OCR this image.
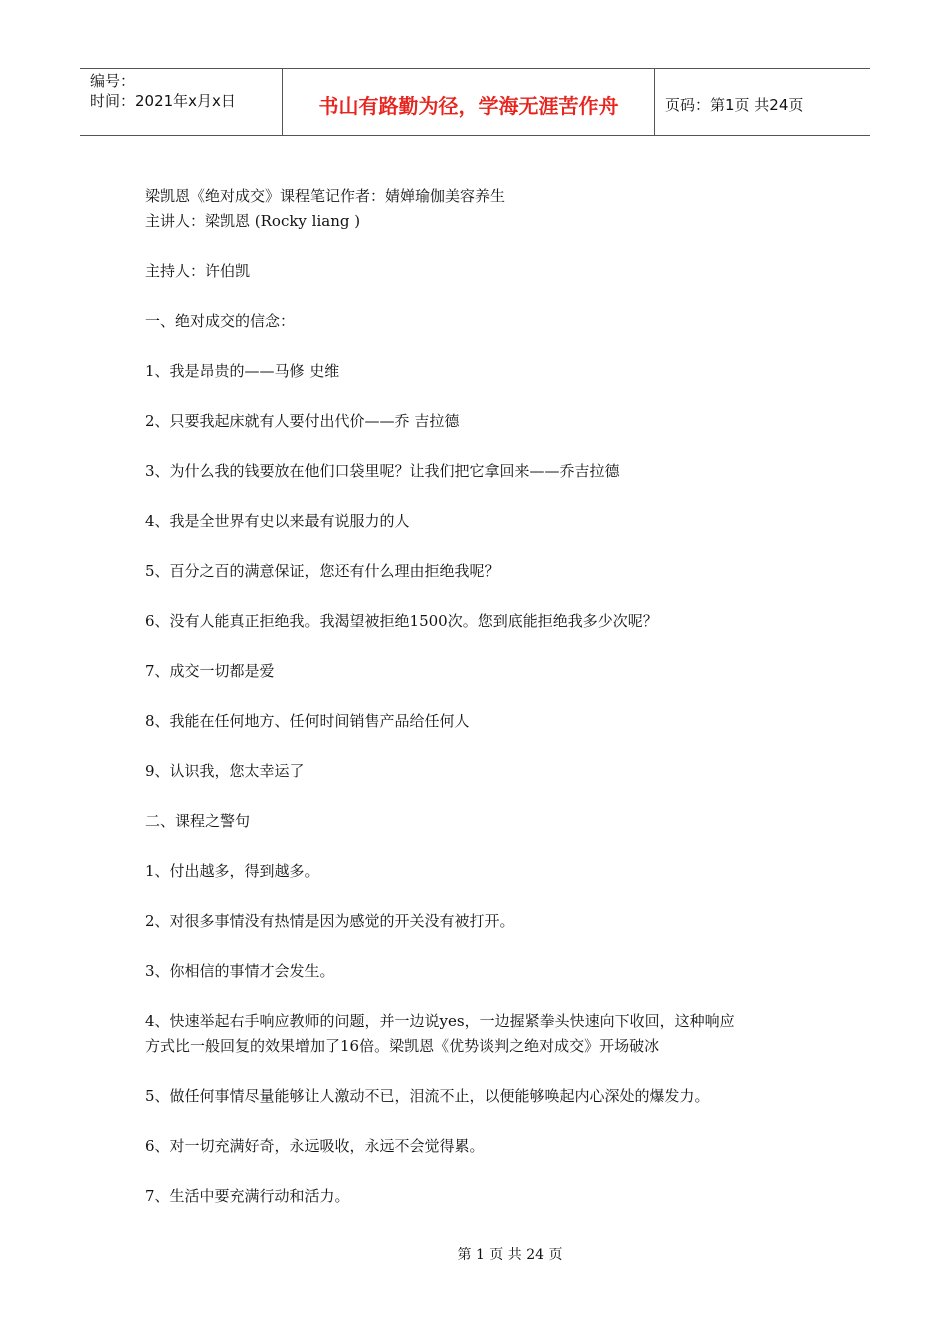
编号：
时间：2021年x月x日	书山有路勤为径，学海无涯苦作舟	页码：第1页 共24页

梁凯恩《绝对成交》课程笔记作者：婧婵瑜伽美容养生

主讲人：梁凯恩 (Rocky liang )

主持人：许伯凯

一、绝对成交的信念：

1、我是昂贵的——马修 史维

2、只要我起床就有人要付出代价——乔 吉拉德

3、为什么我的钱要放在他们口袋里呢？让我们把它拿回来——乔吉拉德

4、我是全世界有史以来最有说服力的人

5、百分之百的满意保证，您还有什么理由拒绝我呢？

6、没有人能真正拒绝我。我渴望被拒绝1500次。您到底能拒绝我多少次呢？

7、成交一切都是爱

8、我能在任何地方、任何时间销售产品给任何人

9、认识我，您太幸运了

二、课程之警句

1、付出越多，得到越多。

2、对很多事情没有热情是因为感觉的开关没有被打开。

3、你相信的事情才会发生。

4、快速举起右手响应教师的问题，并一边说yes，一边握紧拳头快速向下收回，这种响应

方式比一般回复的效果增加了16倍。梁凯恩《优势谈判之绝对成交》开场破冰

5、做任何事情尽量能够让人激动不已，泪流不止，以便能够唤起内心深处的爆发力。

6、对一切充满好奇，永远吸收，永远不会觉得累。

7、生活中要充满行动和活力。

第 1 页 共 24 页
